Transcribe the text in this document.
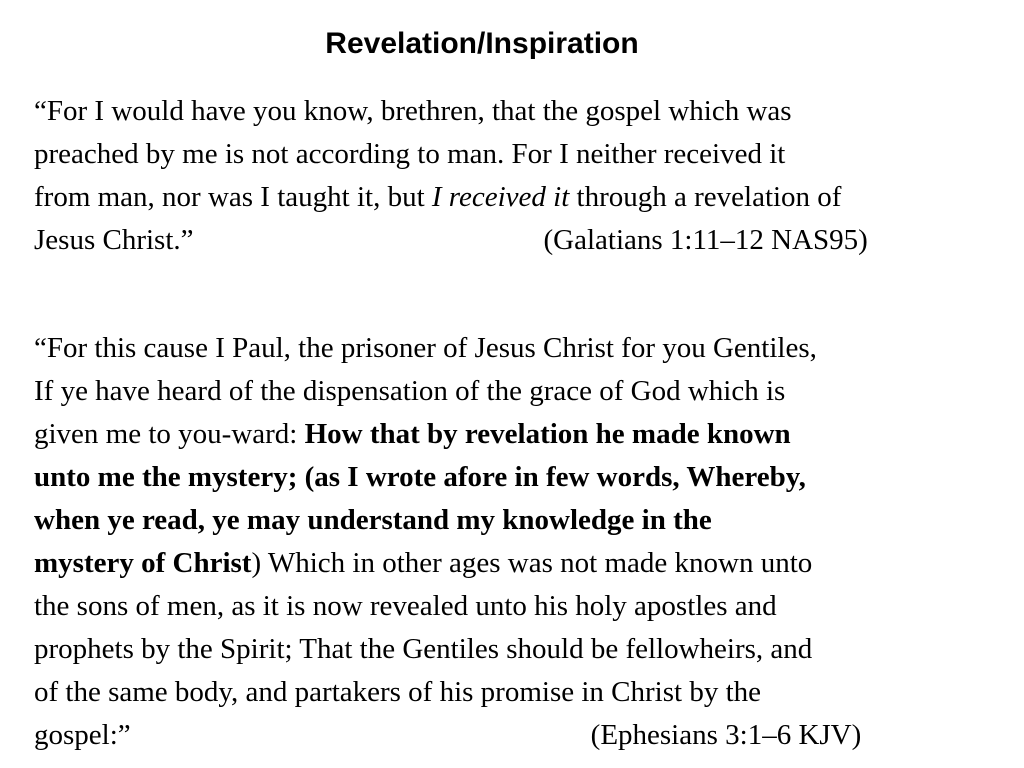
Revelation/Inspiration
“For I would have you know, brethren, that the gospel which was
preached by me is not according to man. For I neither received it
from man, nor was I taught it, but I received it through a revelation of
Jesus Christ.”	(Galatians 1:11–12 NAS95)
“For this cause I Paul, the prisoner of Jesus Christ for you Gentiles,
If ye have heard of the dispensation of the grace of God which is
given me to you-ward: How that by revelation he made known
unto me the mystery; (as I wrote afore in few words, Whereby,
when ye read, ye may understand my knowledge in the
mystery of Christ) Which in other ages was not made known unto
the sons of men, as it is now revealed unto his holy apostles and
prophets by the Spirit; That the Gentiles should be fellowheirs, and
of the same body, and partakers of his promise in Christ by the
gospel:”	(Ephesians 3:1–6 KJV)
